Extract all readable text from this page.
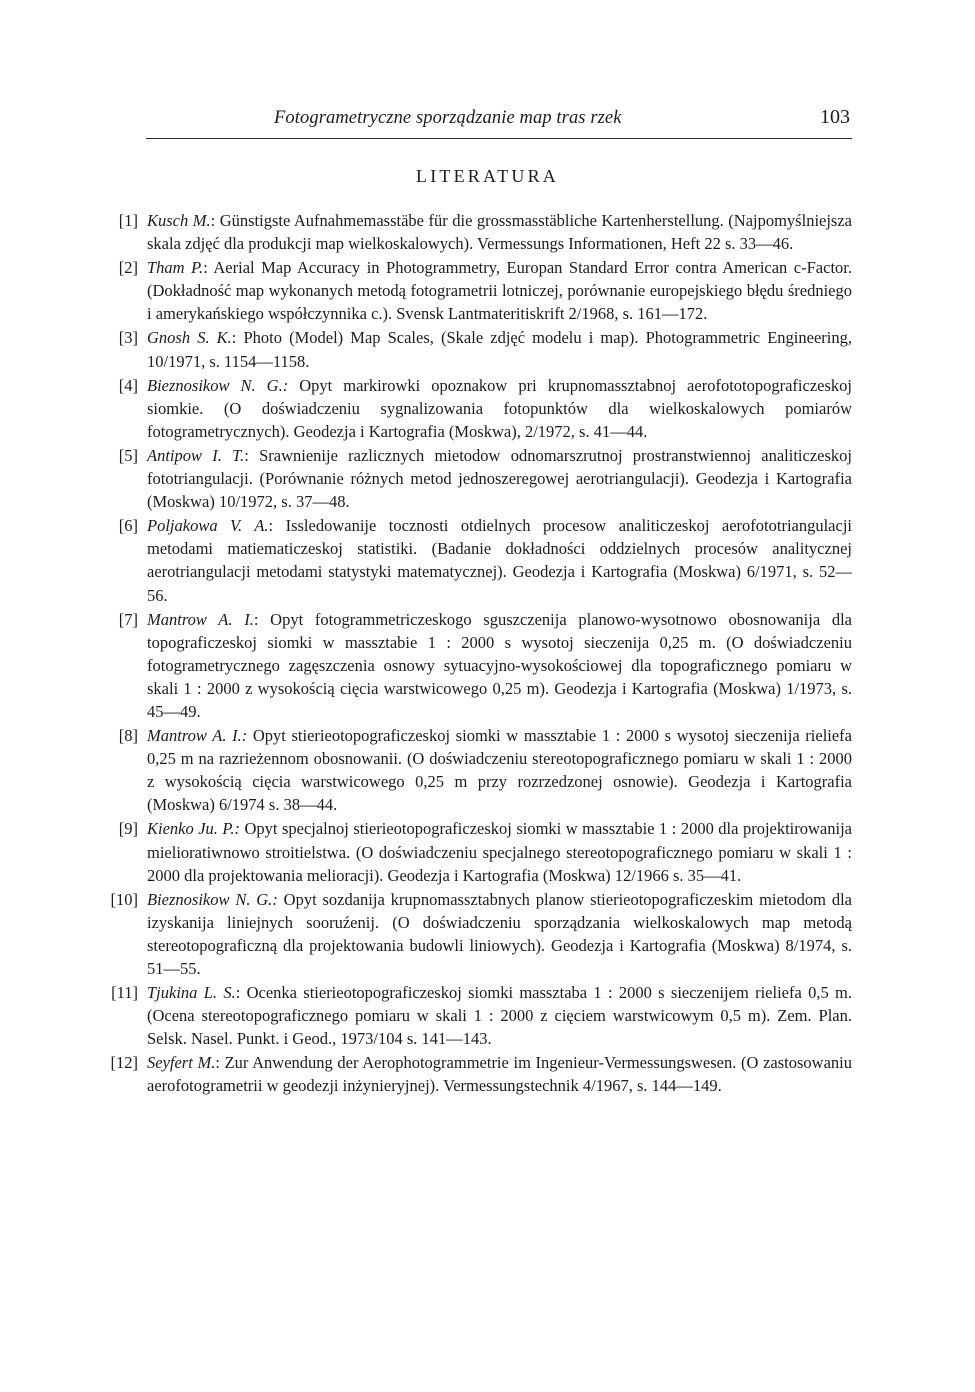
Fotogrametryczne sporządzanie map tras rzek	103
LITERATURA
[1] Kusch M.: Günstigste Aufnahmemasstäbe für die grossmasstäbliche Kartenherstellung. (Najpomyślniejsza skala zdjęć dla produkcji map wielkoskalowych). Vermessungs Informationen, Heft 22 s. 33—46.
[2] Tham P.: Aerial Map Accuracy in Photogrammetry, Europan Standard Error contra American c-Factor. (Dokładność map wykonanych metodą fotogrametrii lotniczej, porównanie europejskiego błędu średniego i amerykańskiego współczynnika c.). Svensk Lantmateritiskrift 2/1968, s. 161—172.
[3] Gnosh S. K.: Photo (Model) Map Scales, (Skale zdjęć modelu i map). Photogrammetric Engineering, 10/1971, s. 1154—1158.
[4] Bieznosikow N. G.: Opyt markirowki opoznakow pri krupnomassztabnoj aerofototopograficzeskoj siomkie. (O doświadczeniu sygnalizowania fotopunktów dla wielkoskalowych pomiarów fotogrametrycznych). Geodezja i Kartografia (Moskwa), 2/1972, s. 41—44.
[5] Antipow I. T.: Srawnienije razlicznych mietodow odnomarszrutnoj prostranstwiennoj analiticzeskoj fototriangulacji. (Porównanie różnych metod jednoszeregowej aerotriangulacji). Geodezja i Kartografia (Moskwa) 10/1972, s. 37—48.
[6] Poljakowa V. A.: Issledowanije tocznosti otdielnych procesow analiticzeskoj aerofototriangulacji metodami matiematiczeskoj statistiki. (Badanie dokładności oddzielnych procesów analitycznej aerotriangulacji metodami statystyki matematycznej). Geodezja i Kartografia (Moskwa) 6/1971, s. 52—56.
[7] Mantrow A. I.: Opyt fotogrammetriczeskogo sguszczenija planowo-wysotnowo obosnowanija dla topograficzeskoj siomki w massztabie 1 : 2000 s wysotoj sieczenija 0,25 m. (O doświadczeniu fotogrametrycznego zagęszczenia osnowy sytuacyjno-wysokościowej dla topograficznego pomiaru w skali 1 : 2000 z wysokością cięcia warstwicowego 0,25 m). Geodezja i Kartografia (Moskwa) 1/1973, s. 45—49.
[8] Mantrow A. I.: Opyt stierieotopograficzeskoj siomki w massztabie 1 : 2000 s wysotoj sieczenija rieliefa 0,25 m na razrieżennom obosnowanii. (O doświadczeniu stereotopograficznego pomiaru w skali 1 : 2000 z wysokością cięcia warstwicowego 0,25 m przy rozrzedzonej osnowie). Geodezja i Kartografia (Moskwa) 6/1974 s. 38—44.
[9] Kienko Ju. P.: Opyt specjalnoj stierieotopograficzeskoj siomki w massztabie 1 : 2000 dla projektirowanija mielioratiwnowo stroitielstwa. (O doświadczeniu specjalnego stereotopograficznego pomiaru w skali 1 : 2000 dla projektowania melioracji). Geodezja i Kartografia (Moskwa) 12/1966 s. 35—41.
[10] Bieznosikow N. G.: Opyt sozdanija krupnomassztabnych planow stierieotopograficzeskim mietodom dla izyskanija liniejnych sooruźenij. (O doświadczeniu sporządzania wielkoskalowych map metodą stereotopograficzną dla projektowania budowli liniowych). Geodezja i Kartografia (Moskwa) 8/1974, s. 51—55.
[11] Tjukina L. S.: Ocenka stierieotopograficzeskoj siomki massztaba 1 : 2000 s sieczenijem rieliefa 0,5 m. (Ocena stereotopograficznego pomiaru w skali 1 : 2000 z cięciem warstwicowym 0,5 m). Zem. Plan. Selsk. Nasel. Punkt. i Geod., 1973/104 s. 141—143.
[12] Seyfert M.: Zur Anwendung der Aerophotogrammetrie im Ingenieur-Vermessungswesen. (O zastosowaniu aerofotogrametrii w geodezji inżynieryjnej). Vermessungstechnik 4/1967, s. 144—149.
